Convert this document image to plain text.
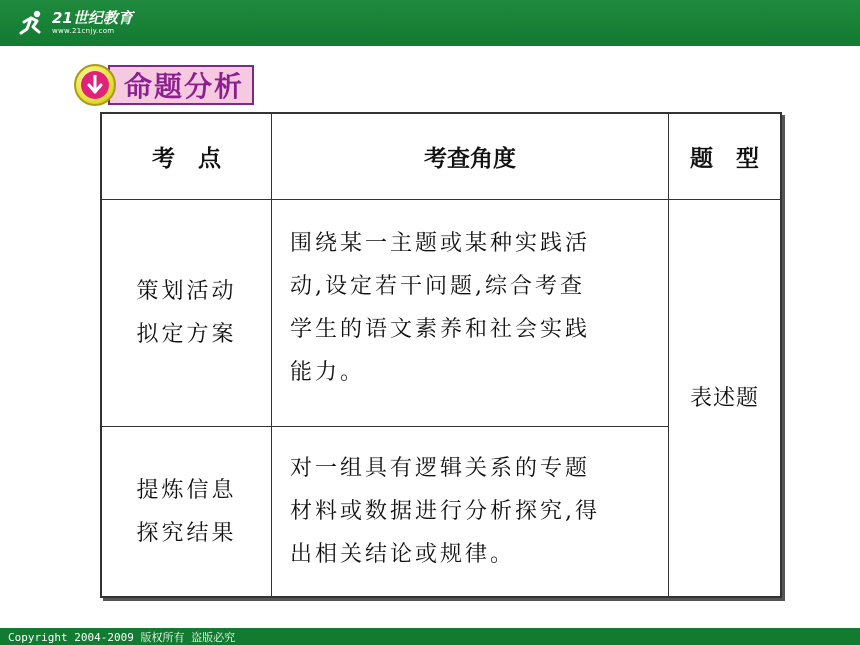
21世纪教育
www.21cnjy.com
命题分析
考　点	考查角度	题　型
策划活动
拟定方案
围绕某一主题或某种实践活
动,设定若干问题,综合考查
学生的语文素养和社会实践
能力。
提炼信息
探究结果
对一组具有逻辑关系的专题
材料或数据进行分析探究,得
出相关结论或规律。
表述题
Copyright 2004-2009 版权所有 盗版必究
